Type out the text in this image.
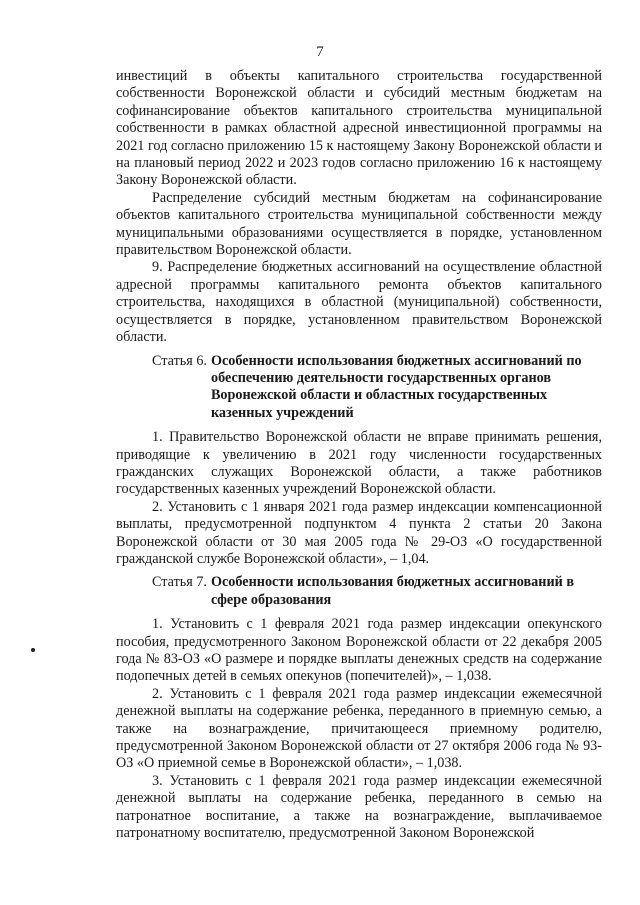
7

инвестиций в объекты капитального строительства государственной собственности Воронежской области и субсидий местным бюджетам на софинансирование объектов капитального строительства муниципальной собственности в рамках областной адресной инвестиционной программы на 2021 год согласно приложению 15 к настоящему Закону Воронежской области и на плановый период 2022 и 2023 годов согласно приложению 16 к настоящему Закону Воронежской области.

Распределение субсидий местным бюджетам на софинансирование объектов капитального строительства муниципальной собственности между муниципальными образованиями осуществляется в порядке, установленном правительством Воронежской области.

9. Распределение бюджетных ассигнований на осуществление областной адресной программы капитального ремонта объектов капитального строительства, находящихся в областной (муниципальной) собственности, осуществляется в порядке, установленном правительством Воронежской области.

Статья 6. Особенности использования бюджетных ассигнований по обеспечению деятельности государственных органов Воронежской области и областных государственных казенных учреждений

1. Правительство Воронежской области не вправе принимать решения, приводящие к увеличению в 2021 году численности государственных гражданских служащих Воронежской области, а также работников государственных казенных учреждений Воронежской области.

2. Установить с 1 января 2021 года размер индексации компенсационной выплаты, предусмотренной подпунктом 4 пункта 2 статьи 20 Закона Воронежской области от 30 мая 2005 года № 29-ОЗ «О государственной гражданской службе Воронежской области», – 1,04.

Статья 7. Особенности использования бюджетных ассигнований в сфере образования

1. Установить с 1 февраля 2021 года размер индексации опекунского пособия, предусмотренного Законом Воронежской области от 22 декабря 2005 года № 83-ОЗ «О размере и порядке выплаты денежных средств на содержание подопечных детей в семьях опекунов (попечителей)», – 1,038.

2. Установить с 1 февраля 2021 года размер индексации ежемесячной денежной выплаты на содержание ребенка, переданного в приемную семью, а также на вознаграждение, причитающееся приемному родителю, предусмотренной Законом Воронежской области от 27 октября 2006 года № 93-ОЗ «О приемной семье в Воронежской области», – 1,038.

3. Установить с 1 февраля 2021 года размер индексации ежемесячной денежной выплаты на содержание ребенка, переданного в семью на патронатное воспитание, а также на вознаграждение, выплачиваемое патронатному воспитателю, предусмотренной Законом Воронежской
